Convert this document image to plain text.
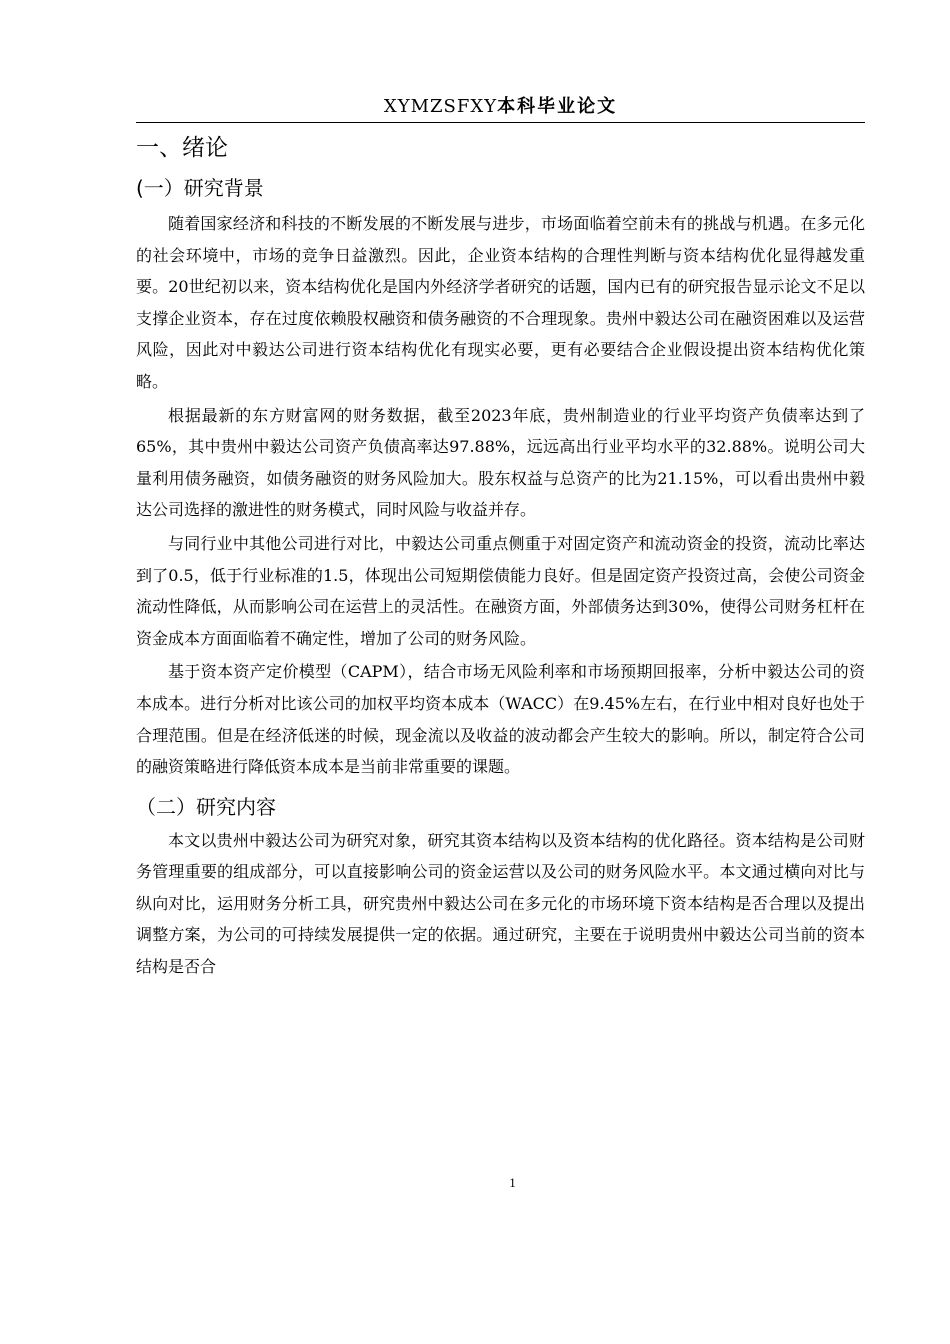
XYMZSFXY本科毕业论文
一、绪论
(一）研究背景

随着国家经济和科技的不断发展的不断发展与进步，市场面临着空前未有的挑战与机遇。在多元化的社会环境中，市场的竞争日益激烈。因此，企业资本结构的合理性判断与资本结构优化显得越发重要。20世纪初以来，资本结构优化是国内外经济学者研究的话题，国内已有的研究报告显示论文不足以支撑企业资本，存在过度依赖股权融资和债务融资的不合理现象。贵州中毅达公司在融资困难以及运营风险，因此对中毅达公司进行资本结构优化有现实必要，更有必要结合企业假设提出资本结构优化策略。

根据最新的东方财富网的财务数据，截至2023年底，贵州制造业的行业平均资产负债率达到了65%，其中贵州中毅达公司资产负债高率达97.88%，远远高出行业平均水平的32.88%。说明公司大量利用债务融资，如债务融资的财务风险加大。股东权益与总资产的比为21.15%，可以看出贵州中毅达公司选择的激进性的财务模式，同时风险与收益并存。

与同行业中其他公司进行对比，中毅达公司重点侧重于对固定资产和流动资金的投资，流动比率达到了0.5，低于行业标准的1.5，体现出公司短期偿债能力良好。但是固定资产投资过高，会使公司资金流动性降低，从而影响公司在运营上的灵活性。在融资方面，外部债务达到30%，使得公司财务杠杆在资金成本方面面临着不确定性，增加了公司的财务风险。

基于资本资产定价模型（CAPM），结合市场无风险利率和市场预期回报率，分析中毅达公司的资本成本。进行分析对比该公司的加权平均资本成本（WACC）在9.45%左右，在行业中相对良好也处于合理范围。但是在经济低迷的时候，现金流以及收益的波动都会产生较大的影响。所以，制定符合公司的融资策略进行降低资本成本是当前非常重要的课题。

（二）研究内容

本文以贵州中毅达公司为研究对象，研究其资本结构以及资本结构的优化路径。资本结构是公司财务管理重要的组成部分，可以直接影响公司的资金运营以及公司的财务风险水平。本文通过横向对比与纵向对比，运用财务分析工具，研究贵州中毅达公司在多元化的市场环境下资本结构是否合理以及提出调整方案，为公司的可持续发展提供一定的依据。通过研究，主要在于说明贵州中毅达公司当前的资本结构是否合

1
